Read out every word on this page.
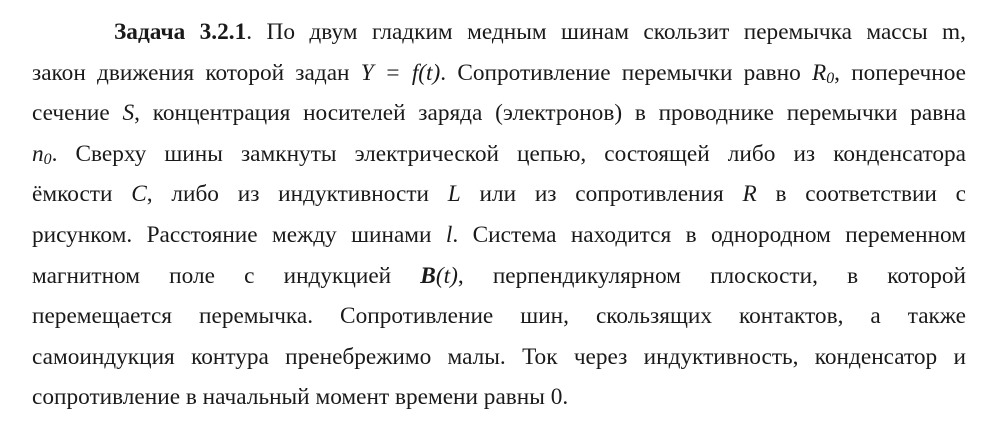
Задача 3.2.1. По двум гладким медным шинам скользит перемычка массы m,
закон движения которой задан Y = f(t). Сопротивление перемычки равно $R_0$, поперечное
сечение S, концентрация носителей заряда (электронов) в проводнике перемычки равна
$n_0$. Сверху шины замкнуты электрической цепью, состоящей либо из конденсатора
ёмкости C, либо из индуктивности L или из сопротивления R в соответствии с
рисунком. Расстояние между шинами l. Система находится в однородном переменном
магнитном поле с индукцией B(t), перпендикулярном плоскости, в которой
перемещается перемычка. Сопротивление шин, скользящих контактов, а также
самоиндукция контура пренебрежимо малы. Ток через индуктивность, конденсатор и
сопротивление в начальный момент времени равны 0.
